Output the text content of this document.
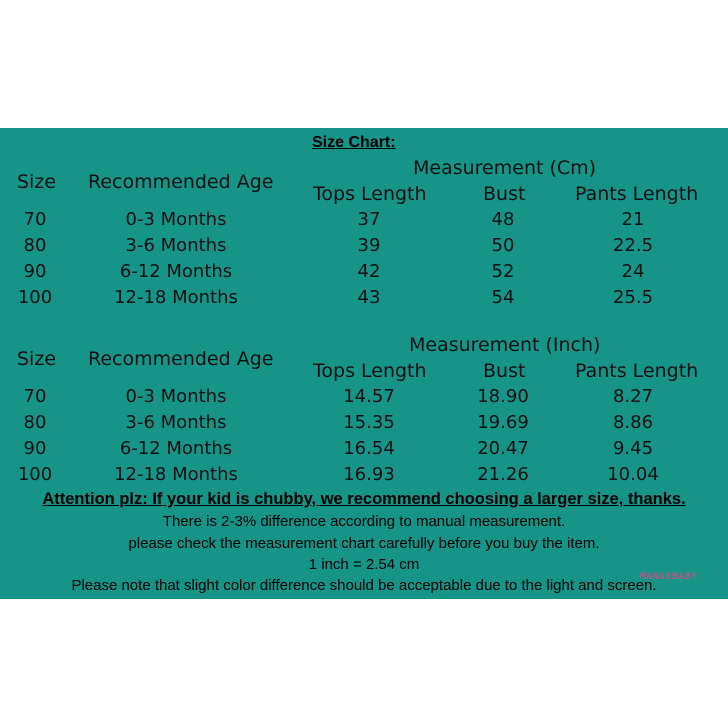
Size Chart:
Measurement (Cm)
Size Recommended Age
Tops Length	Bust	Pants Length
70	0-3 Months	37	48	21
80	3-6 Months	39	50	22.5
90	6-12 Months	42	52	24
100	12-18 Months	43	54	25.5
Measurement (Inch)
Size Recommended Age
Tops Length	Bust	Pants Length
70	0-3 Months	14.57	18.90	8.27
80	3-6 Months	15.35	19.69	8.86
90	6-12 Months	16.54	20.47	9.45
100	12-18 Months	16.93	21.26	10.04
Attention plz: If your kid is chubby, we recommend choosing a larger size, thanks.
There is 2-3% difference according to manual measurement.
please check the measurement chart carefully before you buy the item.
1 inch = 2.54 cm
Please note that slight color difference should be acceptable due to the light and screen.
MANGOBABY
